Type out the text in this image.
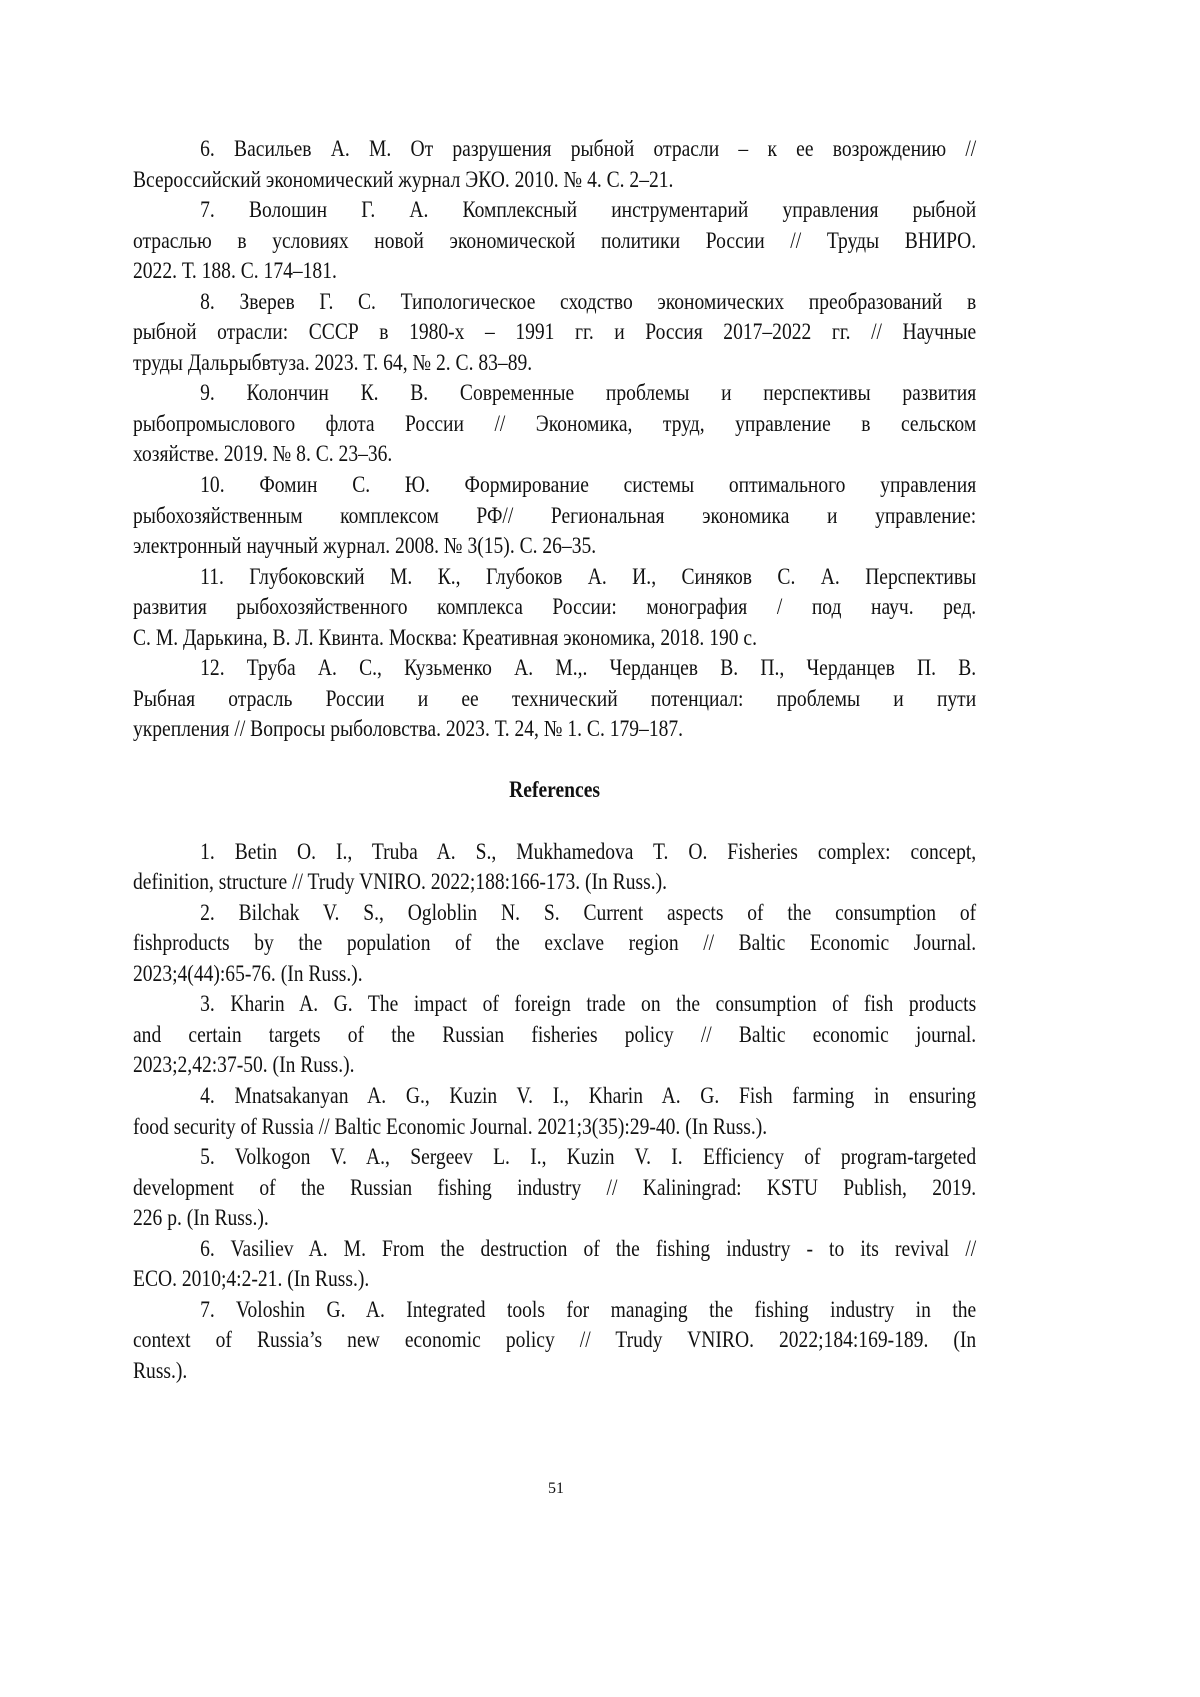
6. Васильев А. М. От разрушения рыбной отрасли – к ее возрождению //
Всероссийский экономический журнал ЭКО. 2010. № 4. С. 2–21.
7. Волошин Г. А. Комплексный инструментарий управления рыбной
отраслью в условиях новой экономической политики России // Труды ВНИРО.
2022. Т. 188. С. 174–181.
8. Зверев Г. С. Типологическое сходство экономических преобразований в
рыбной отрасли: СССР в 1980-х – 1991 гг. и Россия 2017–2022 гг. // Научные
труды Дальрыбвтуза. 2023. Т. 64, № 2. С. 83–89.
9. Колончин К. В. Современные проблемы и перспективы развития
рыбопромыслового флота России // Экономика, труд, управление в сельском
хозяйстве. 2019. № 8. С. 23–36.
10. Фомин С. Ю. Формирование системы оптимального управления
рыбохозяйственным комплексом РФ// Региональная экономика и управление:
электронный научный журнал. 2008. № 3(15). С. 26–35.
11. Глубоковский М. К., Глубоков А. И., Синяков С. А. Перспективы
развития рыбохозяйственного комплекса России: монография / под науч. ред.
С. М. Дарькина, В. Л. Квинта. Москва: Креативная экономика, 2018. 190 с.
12. Труба А. С., Кузьменко А. М.,. Черданцев В. П., Черданцев П. В.
Рыбная отрасль России и ее технический потенциал: проблемы и пути
укрепления // Вопросы рыболовства. 2023. Т. 24, № 1. С. 179–187.
References
1. Betin O. I., Truba A. S., Mukhamedova T. O. Fisheries complex: concept,
definition, structure // Trudy VNIRO. 2022;188:166-173. (In Russ.).
2. Bilchak V. S., Ogloblin N. S. Current aspects of the consumption of
fishproducts by the population of the exclave region // Baltic Economic Journal.
2023;4(44):65-76. (In Russ.).
3. Kharin A. G. The impact of foreign trade on the consumption of fish products
and certain targets of the Russian fisheries policy // Baltic economic journal.
2023;2,42:37-50. (In Russ.).
4. Mnatsakanyan A. G., Kuzin V. I., Kharin A. G. Fish farming in ensuring
food security of Russia // Baltic Economic Journal. 2021;3(35):29-40. (In Russ.).
5. Volkogon V. A., Sergeev L. I., Kuzin V. I. Efficiency of program-targeted
development of the Russian fishing industry // Kaliningrad: KSTU Publish, 2019.
226 p. (In Russ.).
6. Vasiliev A. M. From the destruction of the fishing industry - to its revival //
ECO. 2010;4:2-21. (In Russ.).
7. Voloshin G. A. Integrated tools for managing the fishing industry in the
context of Russia’s new economic policy // Trudy VNIRO. 2022;184:169-189. (In
Russ.).
51
